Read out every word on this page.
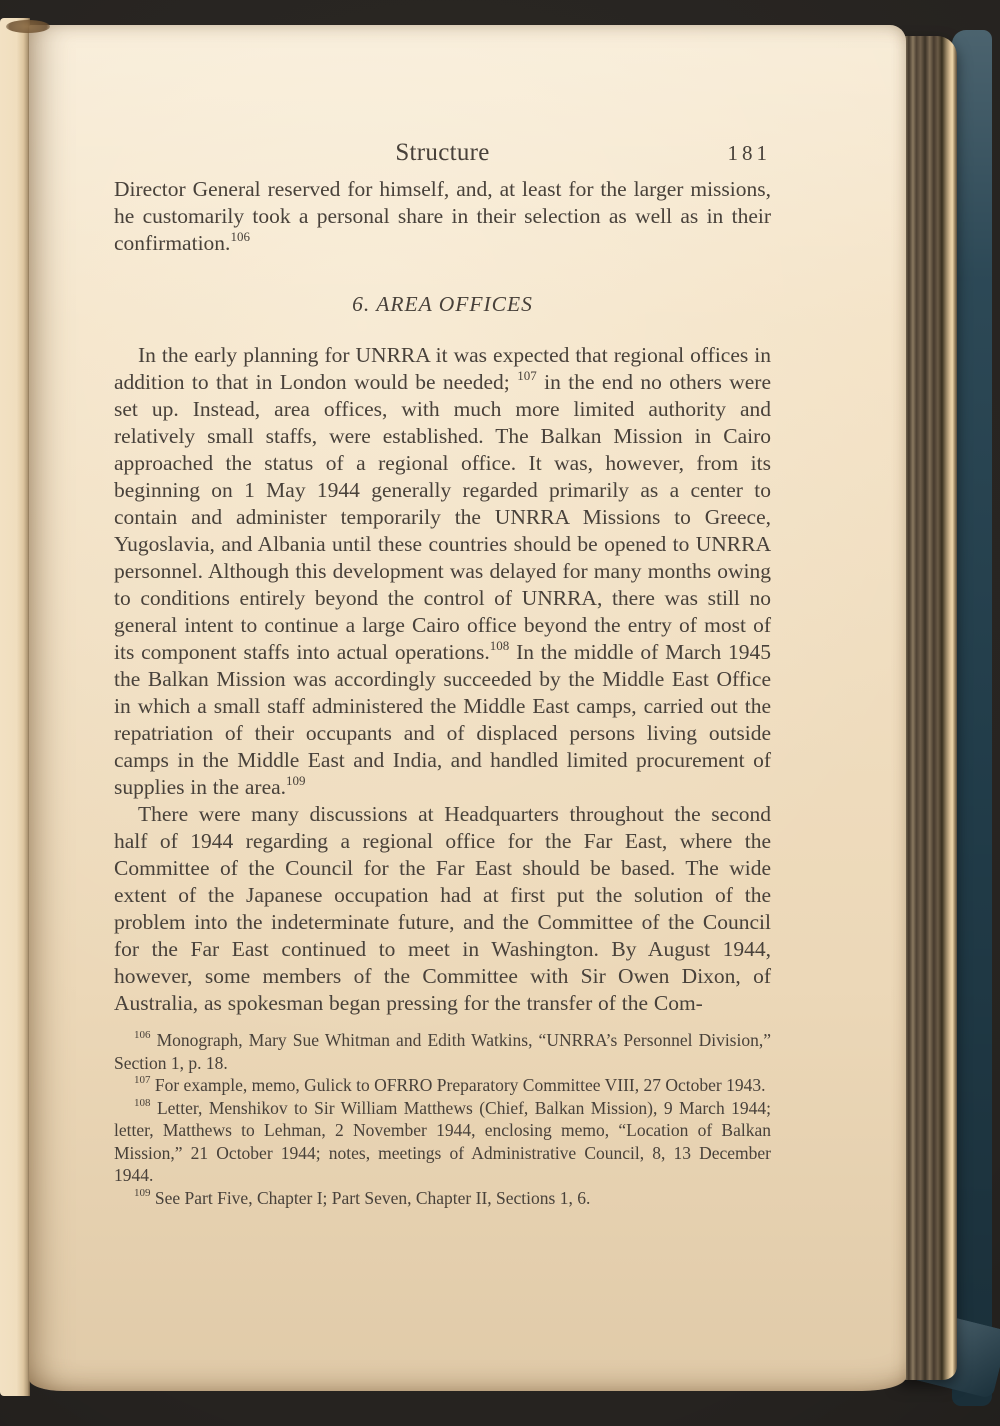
Structure	181

Director General reserved for himself, and, at least for the larger missions, he customarily took a personal share in their selection as well as in their confirmation.$^{106}$

6. AREA OFFICES

In the early planning for UNRRA it was expected that regional offices in addition to that in London would be needed; $^{107}$ in the end no others were set up. Instead, area offices, with much more limited authority and relatively small staffs, were established. The Balkan Mission in Cairo approached the status of a regional office. It was, however, from its beginning on 1 May 1944 generally regarded primarily as a center to contain and administer temporarily the UNRRA Missions to Greece, Yugoslavia, and Albania until these countries should be opened to UNRRA personnel. Although this development was delayed for many months owing to conditions entirely beyond the control of UNRRA, there was still no general intent to continue a large Cairo office beyond the entry of most of its component staffs into actual operations.$^{108}$ In the middle of March 1945 the Balkan Mission was accordingly succeeded by the Middle East Office in which a small staff administered the Middle East camps, carried out the repatriation of their occupants and of displaced persons living outside camps in the Middle East and India, and handled limited procurement of supplies in the area.$^{109}$

There were many discussions at Headquarters throughout the second half of 1944 regarding a regional office for the Far East, where the Committee of the Council for the Far East should be based. The wide extent of the Japanese occupation had at first put the solution of the problem into the indeterminate future, and the Committee of the Council for the Far East continued to meet in Washington. By August 1944, however, some members of the Committee with Sir Owen Dixon, of Australia, as spokesman began pressing for the transfer of the Com-

$^{106}$ Monograph, Mary Sue Whitman and Edith Watkins, “UNRRA’s Personnel Division,” Section 1, p. 18.

$^{107}$ For example, memo, Gulick to OFRRO Preparatory Committee VIII, 27 October 1943.

$^{108}$ Letter, Menshikov to Sir William Matthews (Chief, Balkan Mission), 9 March 1944; letter, Matthews to Lehman, 2 November 1944, enclosing memo, “Location of Balkan Mission,” 21 October 1944; notes, meetings of Administrative Council, 8, 13 December 1944.

$^{109}$ See Part Five, Chapter I; Part Seven, Chapter II, Sections 1, 6.
